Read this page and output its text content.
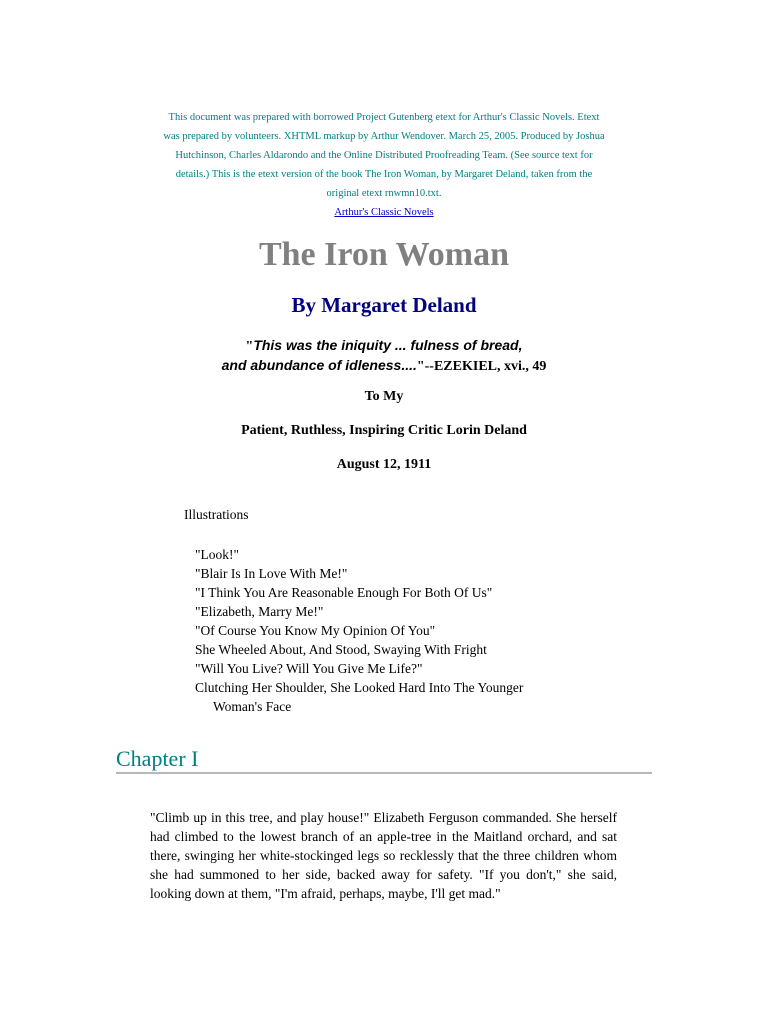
This document was prepared with borrowed Project Gutenberg etext for Arthur's Classic Novels. Etext
was prepared by volunteers. XHTML markup by Arthur Wendover. March 25, 2005. Produced by Joshua
Hutchinson, Charles Aldarondo and the Online Distributed Proofreading Team. (See source text for
details.) This is the etext version of the book The Iron Woman, by Margaret Deland, taken from the
original etext rnwmn10.txt.
Arthur's Classic Novels
The Iron Woman
By Margaret Deland
"This was the iniquity ... fulness of bread,
and abundance of idleness...."--EZEKIEL, xvi., 49
To My
Patient, Ruthless, Inspiring Critic Lorin Deland
August 12, 1911
Illustrations
"Look!"
"Blair Is In Love With Me!"
"I Think You Are Reasonable Enough For Both Of Us"
"Elizabeth, Marry Me!"
"Of Course You Know My Opinion Of You"
She Wheeled About, And Stood, Swaying With Fright
"Will You Live? Will You Give Me Life?"
Clutching Her Shoulder, She Looked Hard Into The Younger
Woman's Face
Chapter I

"Climb up in this tree, and play house!" Elizabeth Ferguson commanded. She herself had climbed to the lowest branch of an apple-tree in the Maitland orchard, and sat there, swinging her white-stockinged legs so recklessly that the three children whom she had summoned to her side, backed away for safety. "If you don't," she said, looking down at them, "I'm afraid, perhaps, maybe, I'll get mad."
